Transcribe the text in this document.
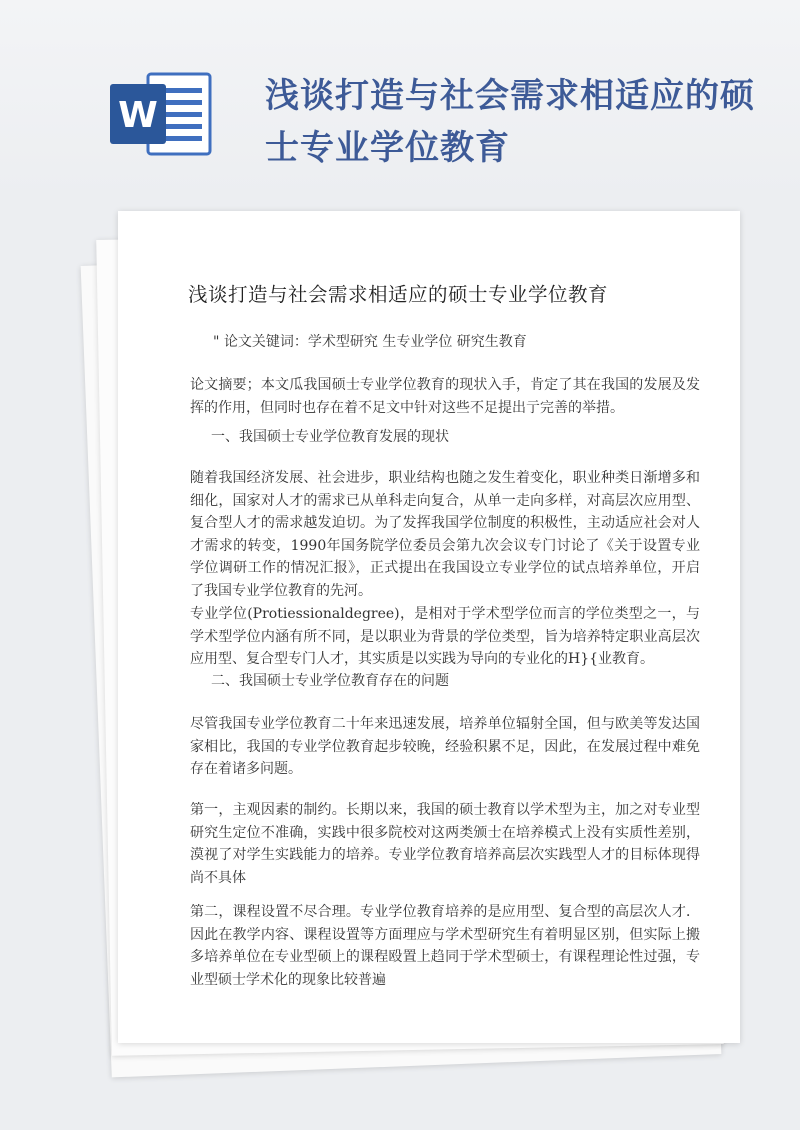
W	浅谈打造与社会需求相适应的硕士专业学位教育
浅谈打造与社会需求相适应的硕士专业学位教育
" 论文关键词：学术型研究 生专业学位 研究生教育
论文摘要；本文瓜我国硕士专业学位教育的现状入手，肯定了其在我国的发展及发挥的作用，但同时也存在着不足文中针对这些不足提出亍完善的举措。
一、我国硕士专业学位教育发展的现状
随着我国经济发展、社会进步，职业结构也随之发生着变化，职业种类日渐增多和细化，国家对人才的需求已从单科走向复合，从单一走向多样，对高层次应用型、复合型人才的需求越发迫切。为了发挥我国学位制度的积极性，主动适应社会对人才需求的转变，1990年国务院学位委员会第九次会议专门讨论了《关于设置专业学位调研工作的情况汇报》，正式提出在我国设立专业学位的试点培养单位，开启了我国专业学位教育的先河。
专业学位(Protiessionaldegree)，是相对于学术型学位而言的学位类型之一，与学术型学位内涵有所不同，是以职业为背景的学位类型，旨为培养特定职业高层次应用型、复合型专门人才，其实质是以实践为导向的专业化的H}{业教育。
二、我国硕士专业学位教育存在的问题
尽管我国专业学位教育二十年来迅速发展，培养单位辐射全国，但与欧美等发达国家相比，我国的专业学位教育起步较晚，经验积累不足，因此，在发展过程中难免存在着诸多问题。
第一，主观因素的制约。长期以来，我国的硕士教育以学术型为主，加之对专业型研究生定位不准确，实践中很多院校对这两类颁士在培养模式上没有实质性差别，漠视了对学生实践能力的培养。专业学位教育培养高层次实践型人才的目标体现得尚不具体
第二，课程设置不尽合理。专业学位教育培养的是应用型、复合型的高层次人才．因此在教学内容、课程设置等方面理应与学术型研究生有着明显区别，但实际上搬多培养单位在专业型硕上的课程殴置上趋同于学术型硕士，有课程理论性过强，专业型硕士学术化的现象比较普遍
